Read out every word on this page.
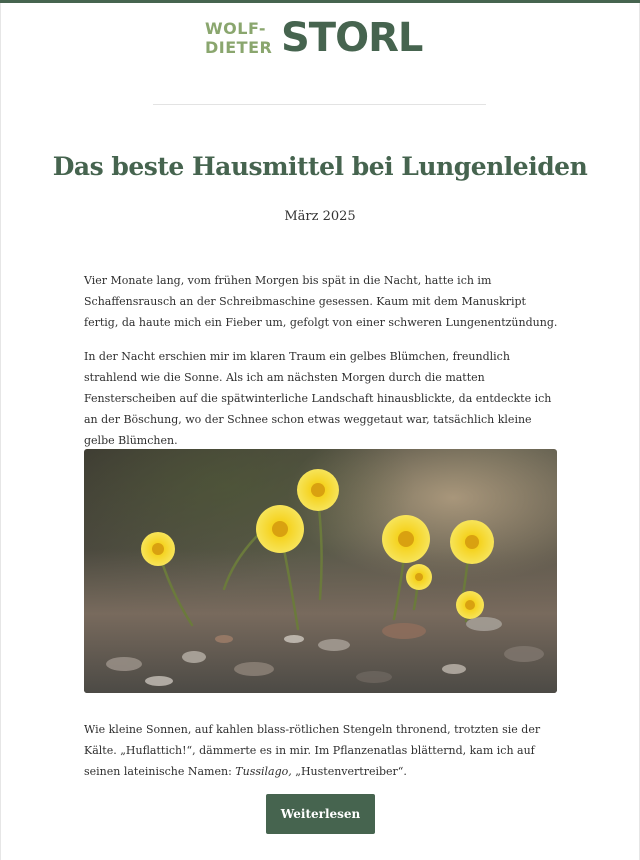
WOLF-
DIETER STORL
Das beste Hausmittel bei Lungenleiden
März 2025

Vier Monate lang, vom frühen Morgen bis spät in die Nacht, hatte ich im Schaffensrausch an der Schreibmaschine gesessen. Kaum mit dem Manuskript fertig, da haute mich ein Fieber um, gefolgt von einer schweren Lungenentzündung.

In der Nacht erschien mir im klaren Traum ein gelbes Blümchen, freundlich strahlend wie die Sonne. Als ich am nächsten Morgen durch die matten Fensterscheiben auf die spätwinterliche Landschaft hinausblickte, da entdeckte ich an der Böschung, wo der Schnee schon etwas weggetaut war, tatsächlich kleine gelbe Blümchen.

Wie kleine Sonnen, auf kahlen blass-rötlichen Stengeln thronend, trotzten sie der Kälte. „Huflattich!“, dämmerte es in mir. Im Pflanzenatlas blätternd, kam ich auf seinen lateinische Namen: Tussilago, „Hustenvertreiber“.

Weiterlesen
